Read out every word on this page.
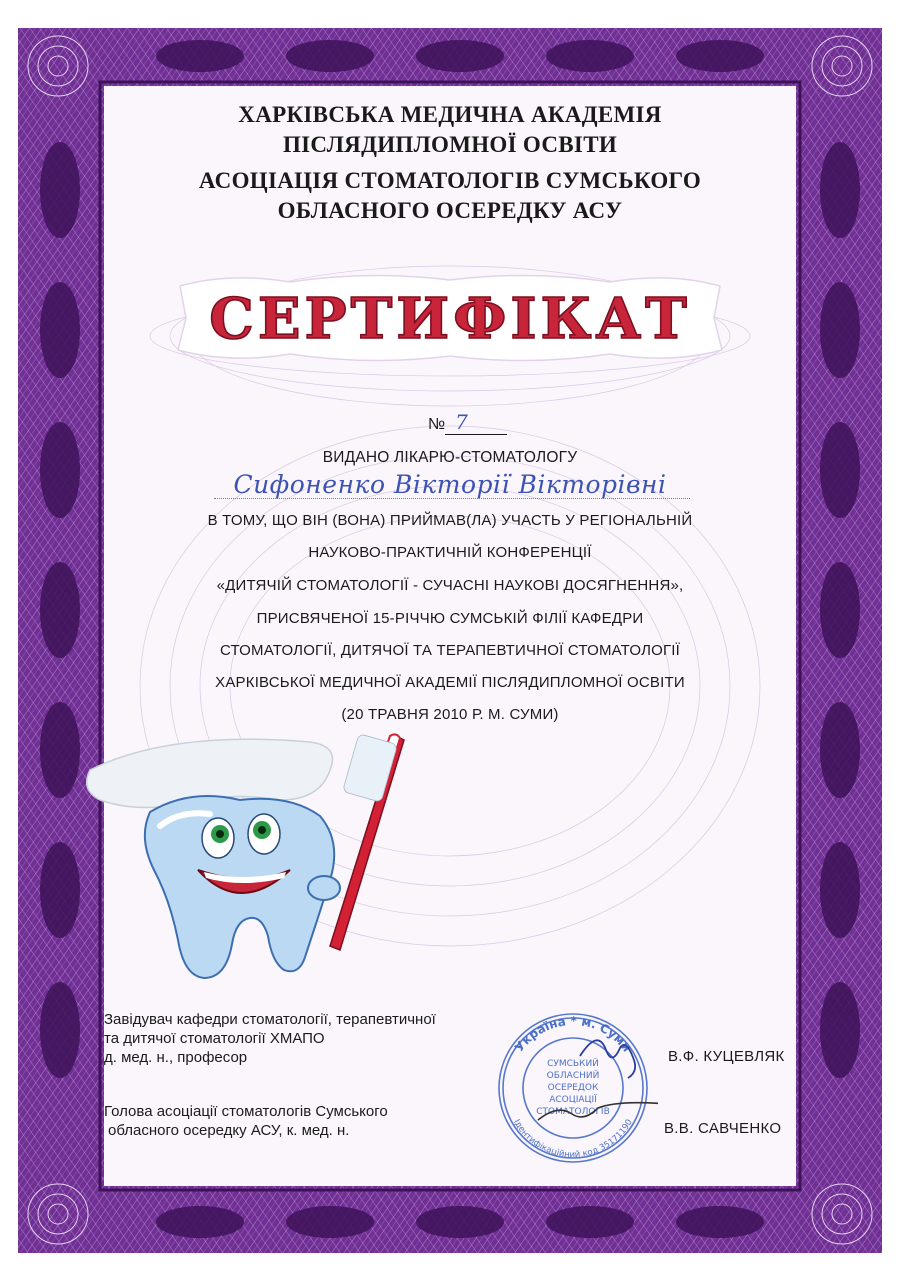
ХАРКІВСЬКА МЕДИЧНА АКАДЕМІЯ
ПІСЛЯДИПЛОМНОЇ ОСВІТИ
АСОЦІАЦІЯ СТОМАТОЛОГІВ СУМСЬКОГО
ОБЛАСНОГО ОСЕРЕДКУ АСУ
СЕРТИФІКАТ
№ 7
ВИДАНО ЛІКАРЮ-СТОМАТОЛОГУ
Сифоненко Вікторії Вікторівні
В ТОМУ, ЩО ВІН (ВОНА) ПРИЙМАВ(ЛА) УЧАСТЬ У РЕГІОНАЛЬНІЙ
НАУКОВО-ПРАКТИЧНІЙ КОНФЕРЕНЦІЇ
«ДИТЯЧІЙ СТОМАТОЛОГІЇ - СУЧАСНІ НАУКОВІ ДОСЯГНЕННЯ»,
ПРИСВЯЧЕНОЇ 15-РІЧЧЮ СУМСЬКІЙ ФІЛІЇ КАФЕДРИ
СТОМАТОЛОГІЇ, ДИТЯЧОЇ ТА ТЕРАПЕВТИЧНОЇ СТОМАТОЛОГІЇ
ХАРКІВСЬКОЇ МЕДИЧНОЇ АКАДЕМІЇ ПІСЛЯДИПЛОМНОЇ ОСВІТИ
(20 ТРАВНЯ 2010 Р. М. СУМИ)
Завідувач кафедри стоматології, терапевтичної
та дитячої стоматології ХМАПО
д. мед. н., професор	В.Ф. КУЦЕВЛЯК
Голова асоціації стоматологів Сумського
обласного осередку АСУ, к. мед. н.	В.В. САВЧЕНКО
Україна * м. Суми
Ідентифікаційний код 35171190
СУМСЬКИЙ
ОБЛАСНИЙ
ОСЕРЕДОК
АСОЦІАЦІЇ
СТОМАТОЛОГІВ
